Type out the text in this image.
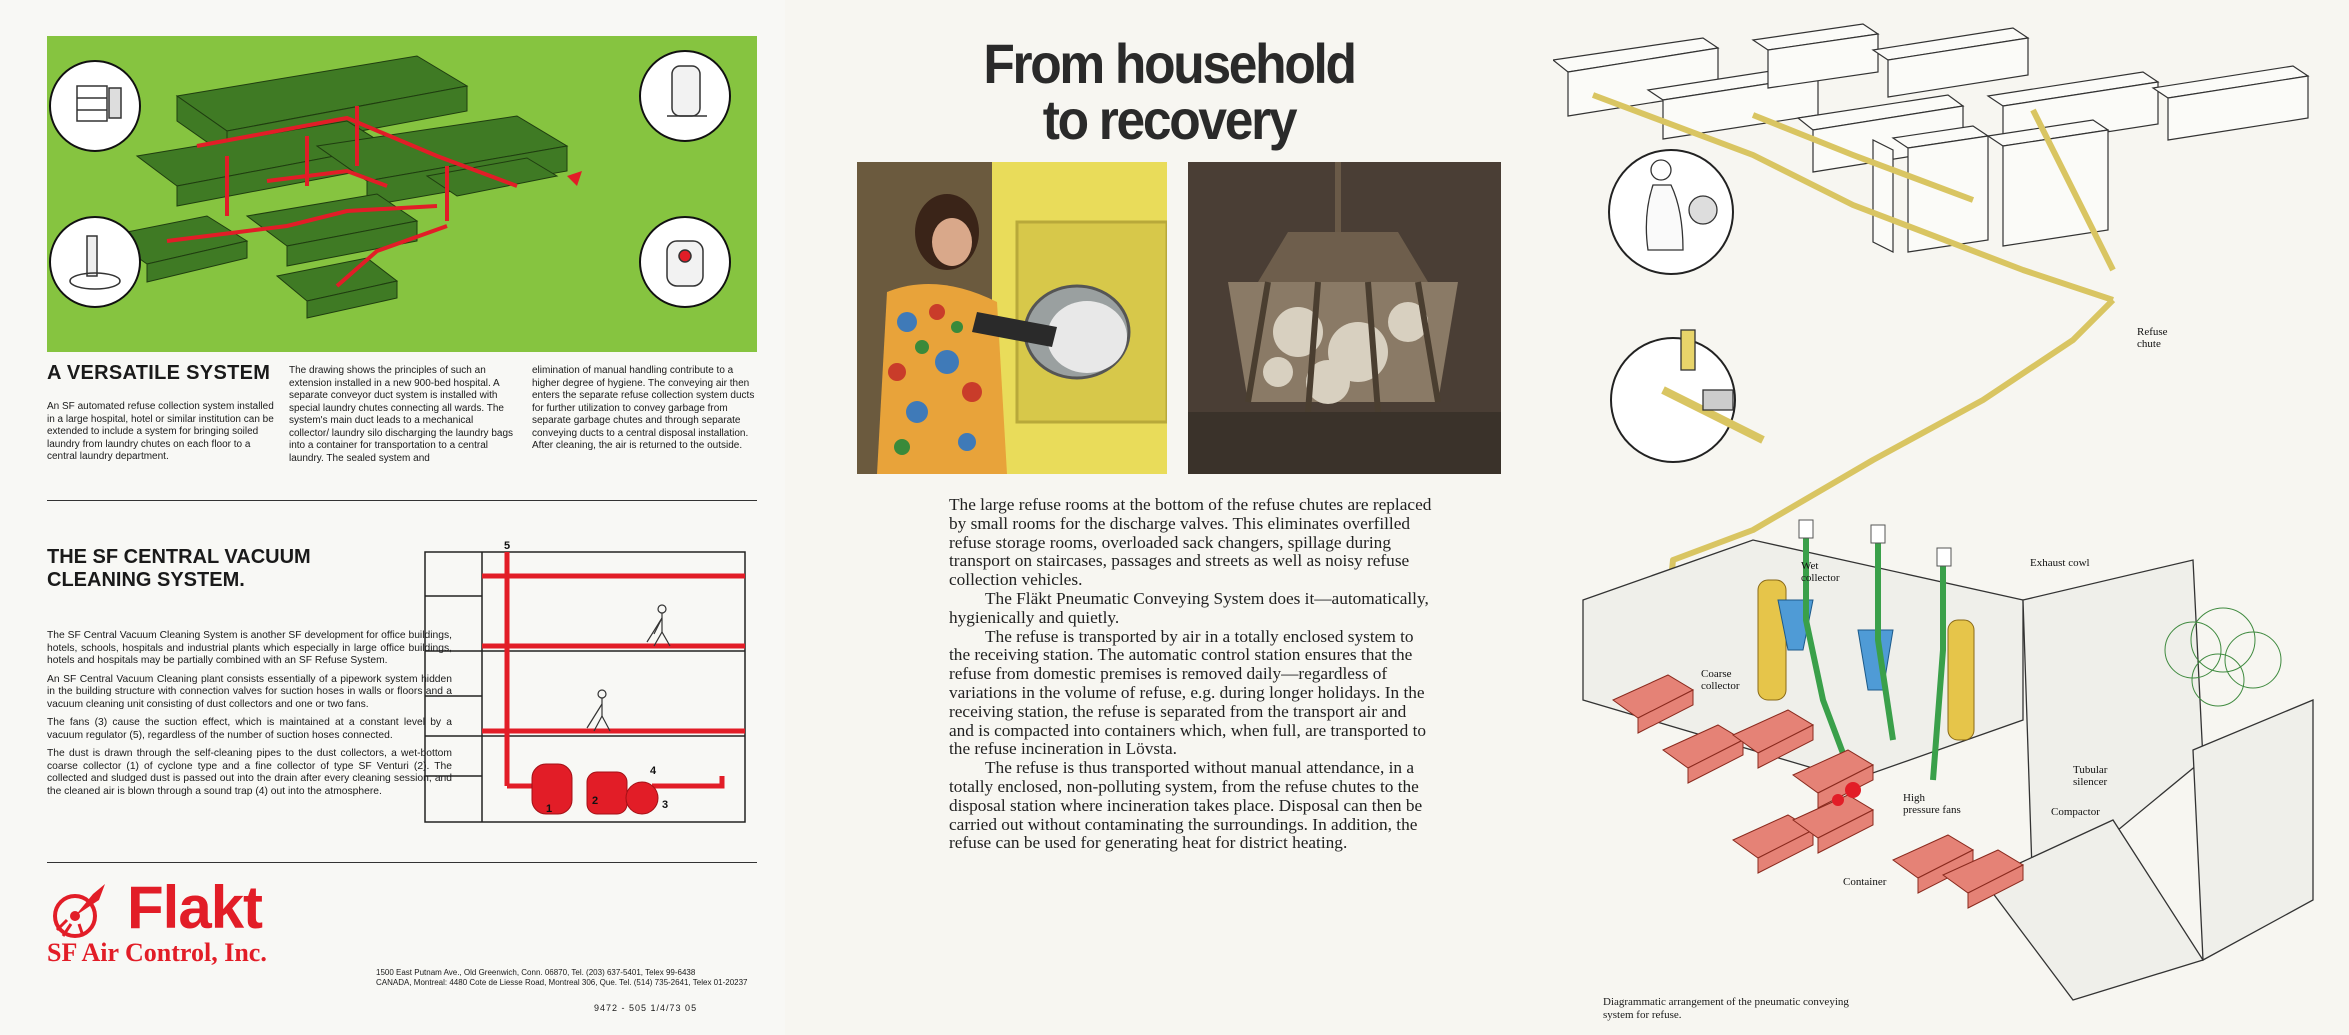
A VERSATILE SYSTEM
An SF automated refuse collection system installed in a large hospital, hotel or similar institution can be extended to include a system for bringing soiled laundry from laundry chutes on each floor to a central laundry department.
The drawing shows the principles of such an extension installed in a new 900-bed hospital. A separate conveyor duct system is installed with special laundry chutes connecting all wards. The system's main duct leads to a mechanical collector/ laundry silo discharging the laundry bags into a container for transportation to a central laundry. The sealed system and
elimination of manual handling contribute to a higher degree of hygiene. The conveying air then enters the separate refuse collection system ducts for further utilization to convey garbage from separate garbage chutes and through separate conveying ducts to a central disposal installation. After cleaning, the air is returned to the outside.
THE SF CENTRAL VACUUM CLEANING SYSTEM.

The SF Central Vacuum Cleaning System is another SF development for office buildings, hotels, schools, hospitals and industrial plants which especially in large office buildings, hotels and hospitals may be partially combined with an SF Refuse System.

An SF Central Vacuum Cleaning plant consists essentially of a pipework system hidden in the building structure with connection valves for suction hoses in walls or floors and a vacuum cleaning unit consisting of dust collectors and one or two fans.

The fans (3) cause the suction effect, which is maintained at a constant level by a vacuum regulator (5), regardless of the number of suction hoses connected.

The dust is drawn through the self-cleaning pipes to the dust collectors, a wet-bottom coarse collector (1) of cyclone type and a fine collector of type SF Venturi (2). The collected and sludged dust is passed out into the drain after every cleaning session, and the cleaned air is blown through a sound trap (4) out into the atmosphere.

5
1
2	3
4
Flakt
SF Air Control, Inc.
1500 East Putnam Ave., Old Greenwich, Conn. 06870, Tel. (203) 637-5401, Telex 99-6438
CANADA, Montreal: 4480 Cote de Liesse Road, Montreal 306, Que. Tel. (514) 735-2641, Telex 01-20237
9472 - 505 1/4/73 05
From household
to recovery

The large refuse rooms at the bottom of the refuse chutes are replaced by small rooms for the discharge valves. This eliminates overfilled refuse storage rooms, overloaded sack changers, spillage during transport on staircases, passages and streets as well as noisy refuse collection vehicles.

The Fläkt Pneumatic Conveying System does it—automatically, hygienically and quietly.

The refuse is transported by air in a totally enclosed system to the receiving station. The automatic control station ensures that the refuse from domestic premises is removed daily—regardless of variations in the volume of refuse, e.g. during longer holidays. In the receiving station, the refuse is separated from the transport air and and is compacted into containers which, when full, are transported to the refuse incineration in Lövsta.

The refuse is thus transported without manual attendance, in a totally enclosed, non-polluting system, from the refuse chutes to the disposal station where incineration takes place. Disposal can then be carried out without contaminating the surroundings. In addition, the refuse can be used for generating heat for district heating.

Refuse chute
Wet collector
Exhaust cowl
Coarse collector
Tubular silencer
High pressure fans	Compactor
Container
Diagrammatic arrangement of the pneumatic conveying system for refuse.
